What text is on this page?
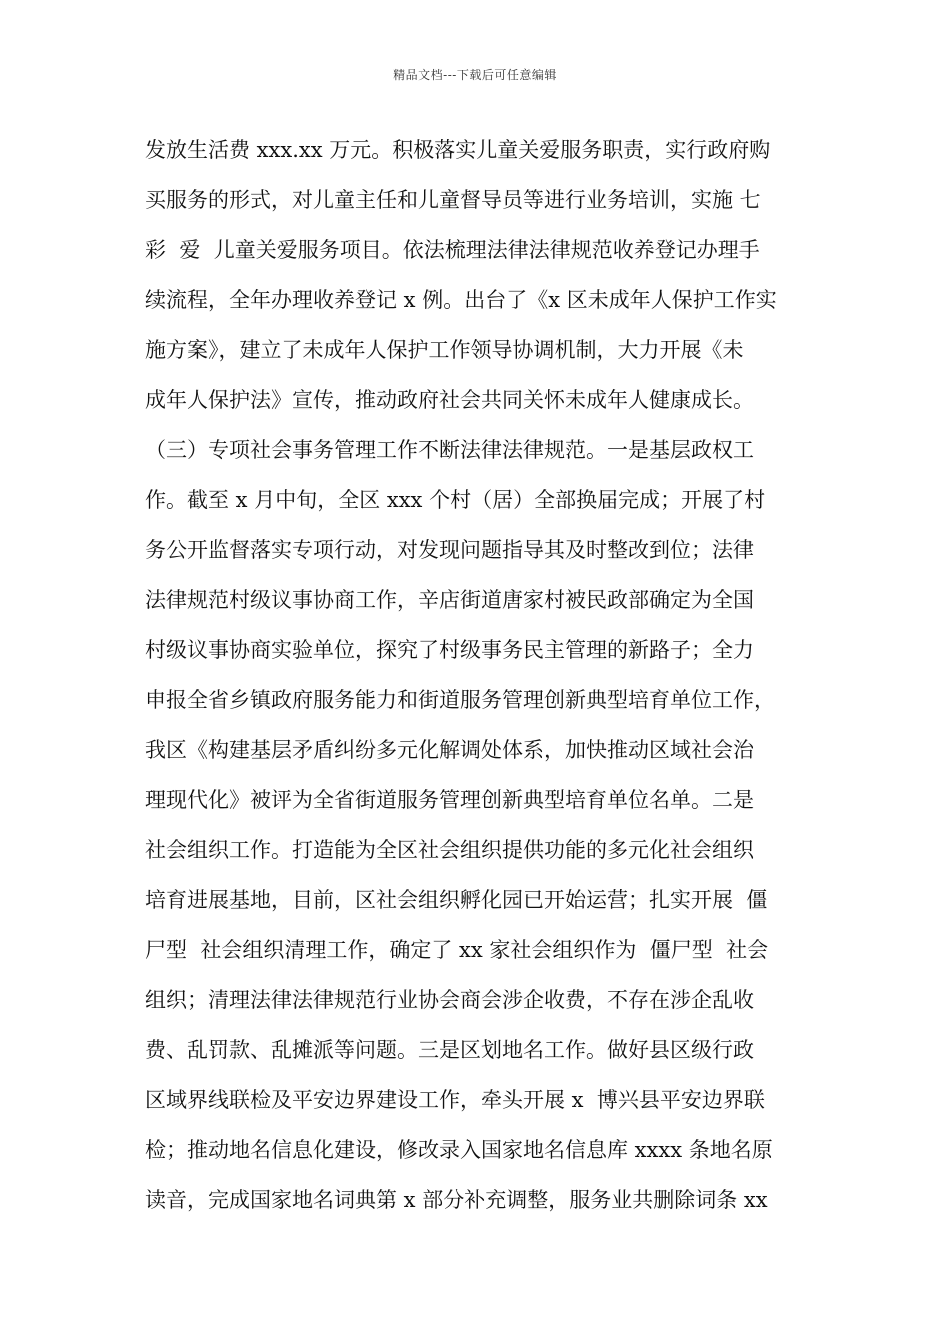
精品文档---下载后可任意编辑
发放生活费 xxx.xx 万元。积极落实儿童关爱服务职责，实行政府购
买服务的形式，对儿童主任和儿童督导员等进行业务培训，实施 七
彩  爱  儿童关爱服务项目。依法梳理法律法律规范收养登记办理手
续流程，全年办理收养登记 x 例。出台了《x 区未成年人保护工作实
施方案》，建立了未成年人保护工作领导协调机制，大力开展《未
成年人保护法》宣传，推动政府社会共同关怀未成年人健康成长。
（三）专项社会事务管理工作不断法律法律规范。一是基层政权工
作。截至 x 月中旬，全区 xxx 个村（居）全部换届完成；开展了村
务公开监督落实专项行动，对发现问题指导其及时整改到位；法律
法律规范村级议事协商工作，辛店街道唐家村被民政部确定为全国
村级议事协商实验单位，探究了村级事务民主管理的新路子；全力
申报全省乡镇政府服务能力和街道服务管理创新典型培育单位工作，
我区《构建基层矛盾纠纷多元化解调处体系，加快推动区域社会治
理现代化》被评为全省街道服务管理创新典型培育单位名单。二是
社会组织工作。打造能为全区社会组织提供功能的多元化社会组织
培育进展基地，目前，区社会组织孵化园已开始运营；扎实开展  僵
尸型  社会组织清理工作，确定了 xx 家社会组织作为  僵尸型  社会
组织；清理法律法律规范行业协会商会涉企收费，不存在涉企乱收
费、乱罚款、乱摊派等问题。三是区划地名工作。做好县区级行政
区域界线联检及平安边界建设工作，牵头开展 x  博兴县平安边界联
检；推动地名信息化建设，修改录入国家地名信息库 xxxx 条地名原
读音，完成国家地名词典第 x 部分补充调整，服务业共删除词条 xx
